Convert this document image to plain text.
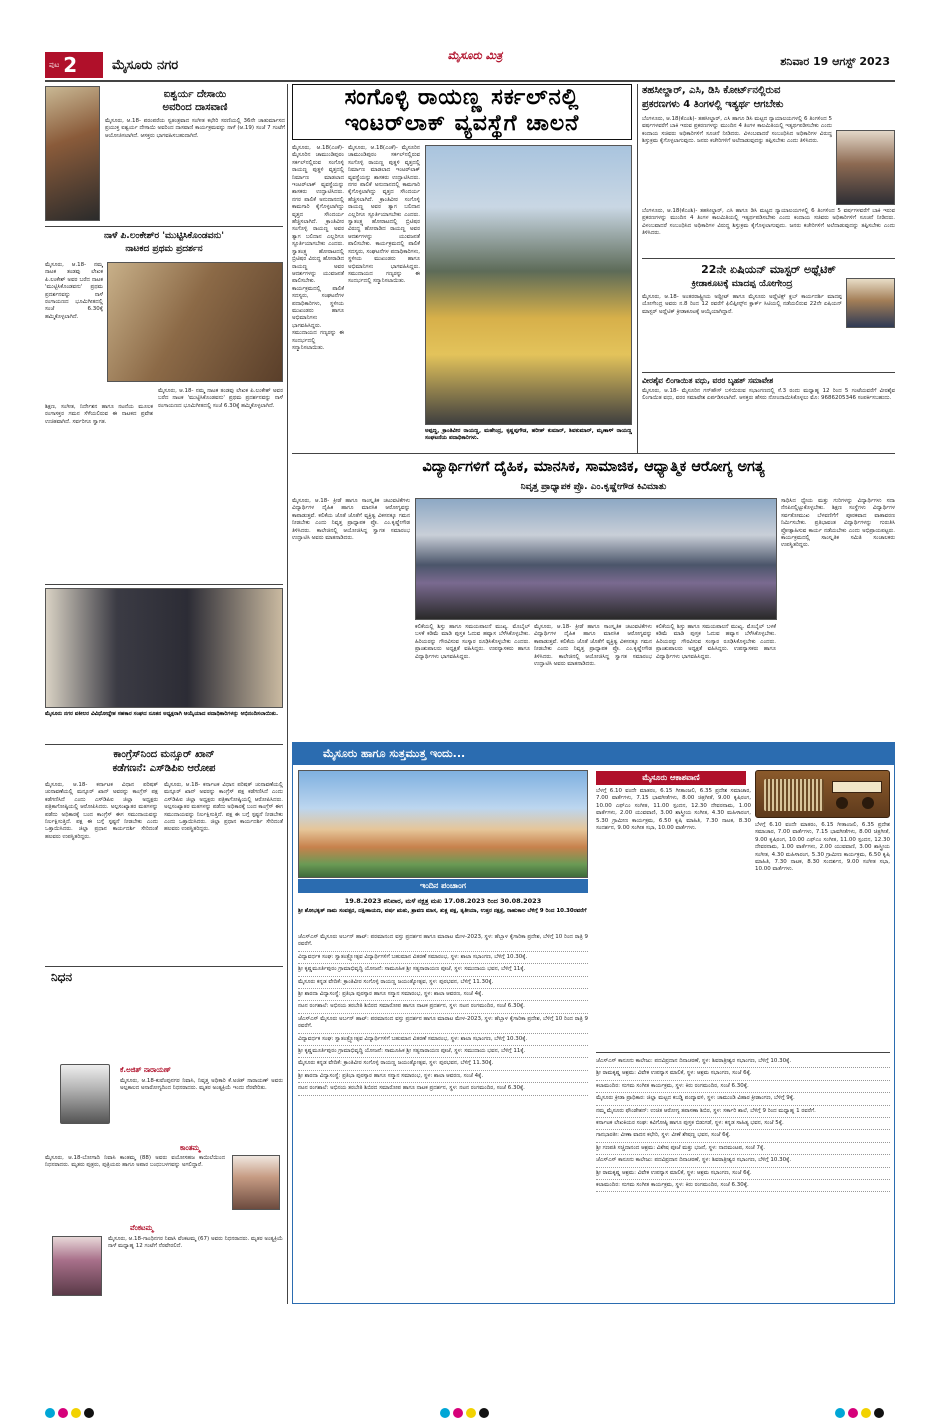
ಪುಟ 2	ಮೈಸೂರು ನಗರ
ಮೈಸೂರು ಮಿತ್ರ	ಶನಿವಾರ 19 ಆಗಸ್ಟ್ 2023
ಐಶ್ವರ್ಯ ದೇಸಾಯಿ
ಅವರಿಂದ ದಾಸವಾಣಿ
ಮೈಸೂರು, ಆ.18- ಪರಂಪರೆಯ ಸ್ವತಂತ್ರವಾದ ಸಂಗೀತ ಕಛೇರಿ ಸರಣಿಯಲ್ಲಿ 36ನೇ ಚಾತುರ್ಮಾಸದ ಪ್ರಯುಕ್ತ ಐಶ್ವರ್ಯ ದೇಸಾಯಿ ಅವರಿಂದ ದಾಸವಾಣಿ ಕಾರ್ಯಕ್ರಮವನ್ನು ನಾಳೆ (ಆ.19) ಸಂಜೆ 7 ಗಂಟೆಗೆ ಆಯೋಜಿಸಲಾಗಿದೆ. ಆಸಕ್ತರು ಭಾಗವಹಿಸಬಹುದಾಗಿದೆ.
ನಾಳೆ ಪಿ.ಲಂಕೇಶ್‌ರ 'ಮುಟ್ಟಿಸಿಕೊಂಡವನು'
ನಾಟಕದ ಪ್ರಥಮ ಪ್ರದರ್ಶನ
ಮೈಸೂರು, ಆ.18- ನಮ್ಮ ನಾಟಕ ತಂಡವು ಲೇಖಕ ಪಿ.ಲಂಕೇಶ್ ಅವರ ಬರೆದ ನಾಟಕ 'ಮುಟ್ಟಿಸಿಕೊಂಡವನು' ಪ್ರಥಮ ಪ್ರದರ್ಶನವನ್ನು ನಾಳೆ ರಂಗಾಯಣದ ಭೂಮಿಗೀತದಲ್ಲಿ ಸಂಜೆ 6.30ಕ್ಕೆ ಹಮ್ಮಿಕೊಳ್ಳಲಾಗಿದೆ.
ಶಿಕ್ಷಣ, ಸಂಗೀತ, ನಿರ್ದೇಶನ ಹಾಗೂ ನಟನೆಯ ಮೂಲಕ ರಂಗಾಸಕ್ತರ ಗಮನ ಸೆಳೆಯಲಿರುವ ಈ ನಾಟಕದ ಪ್ರವೇಶ ಉಚಿತವಾಗಿದೆ. ಸರ್ವರಿಗೂ ಸ್ವಾಗತ.
ಮೈಸೂರು, ಆ.18- ನಮ್ಮ ನಾಟಕ ತಂಡವು ಲೇಖಕ ಪಿ.ಲಂಕೇಶ್ ಅವರ ಬರೆದ ನಾಟಕ 'ಮುಟ್ಟಿಸಿಕೊಂಡವನು' ಪ್ರಥಮ ಪ್ರದರ್ಶನವನ್ನು ನಾಳೆ ರಂಗಾಯಣದ ಭೂಮಿಗೀತದಲ್ಲಿ ಸಂಜೆ 6.30ಕ್ಕೆ ಹಮ್ಮಿಕೊಳ್ಳಲಾಗಿದೆ.
ಮೈಸೂರು ನಗರ ವಕೀಲರ ವಿವಿಧೋದ್ದೇಶ ಸಹಕಾರ ಸಂಘದ ನೂತನ ಅಧ್ಯಕ್ಷರಾಗಿ ಆಯ್ಕೆಯಾದ ಪದಾಧಿಕಾರಿಗಳನ್ನು ಅಭಿನಂದಿಸಲಾಯಿತು.
ಕಾಂಗ್ರೆಸ್‌ನಿಂದ ಮನ್ಸೂರ್ ಖಾನ್
ಕಡೆಗಣನೆ: ಎಸ್‌ಡಿಪಿಐ ಆರೋಪ
ಮೈಸೂರು, ಆ.18- ಕರ್ನಾಟಕ ವಿಧಾನ ಪರಿಷತ್ ಚುನಾವಣೆಯಲ್ಲಿ ಮನ್ಸೂರ್ ಖಾನ್ ಅವರನ್ನು ಕಾಂಗ್ರೆಸ್ ಪಕ್ಷ ಕಡೆಗಣಿಸಿದೆ ಎಂದು ಎಸ್‌ಡಿಪಿಐ ಜಿಲ್ಲಾ ಅಧ್ಯಕ್ಷರು ಪತ್ರಿಕಾಗೋಷ್ಠಿಯಲ್ಲಿ ಆರೋಪಿಸಿದರು. ಅಲ್ಪಸಂಖ್ಯಾತರ ಮತಗಳನ್ನು ಪಡೆದು ಅಧಿಕಾರಕ್ಕೆ ಬಂದ ಕಾಂಗ್ರೆಸ್ ಈಗ ಸಮುದಾಯವನ್ನು ನಿರ್ಲಕ್ಷಿಸುತ್ತಿದೆ. ಪಕ್ಷ ಈ ಬಗ್ಗೆ ಸ್ಪಷ್ಟನೆ ನೀಡಬೇಕು ಎಂದು ಒತ್ತಾಯಿಸಿದರು. ಜಿಲ್ಲಾ ಪ್ರಧಾನ ಕಾರ್ಯದರ್ಶಿ ಸೇರಿದಂತೆ ಹಲವರು ಉಪಸ್ಥಿತರಿದ್ದರು.
ಮೈಸೂರು, ಆ.18- ಕರ್ನಾಟಕ ವಿಧಾನ ಪರಿಷತ್ ಚುನಾವಣೆಯಲ್ಲಿ ಮನ್ಸೂರ್ ಖಾನ್ ಅವರನ್ನು ಕಾಂಗ್ರೆಸ್ ಪಕ್ಷ ಕಡೆಗಣಿಸಿದೆ ಎಂದು ಎಸ್‌ಡಿಪಿಐ ಜಿಲ್ಲಾ ಅಧ್ಯಕ್ಷರು ಪತ್ರಿಕಾಗೋಷ್ಠಿಯಲ್ಲಿ ಆರೋಪಿಸಿದರು. ಅಲ್ಪಸಂಖ್ಯಾತರ ಮತಗಳನ್ನು ಪಡೆದು ಅಧಿಕಾರಕ್ಕೆ ಬಂದ ಕಾಂಗ್ರೆಸ್ ಈಗ ಸಮುದಾಯವನ್ನು ನಿರ್ಲಕ್ಷಿಸುತ್ತಿದೆ. ಪಕ್ಷ ಈ ಬಗ್ಗೆ ಸ್ಪಷ್ಟನೆ ನೀಡಬೇಕು ಎಂದು ಒತ್ತಾಯಿಸಿದರು. ಜಿಲ್ಲಾ ಪ್ರಧಾನ ಕಾರ್ಯದರ್ಶಿ ಸೇರಿದಂತೆ ಹಲವರು ಉಪಸ್ಥಿತರಿದ್ದರು.
ನಿಧನ
ಕೆ.ಅಜಿತ್ ನಾರಾಯಣ್
ಮೈಸೂರು, ಆ.18-ಕುವೆಂಪುನಗರ ನಿವಾಸಿ, ನಿವೃತ್ತ ಅಧಿಕಾರಿ ಕೆ.ಅಜಿತ್ ನಾರಾಯಣ್ ಅವರು ಅಲ್ಪಕಾಲದ ಅನಾರೋಗ್ಯದಿಂದ ನಿಧನರಾದರು. ಮೃತರ ಅಂತ್ಯಕ್ರಿಯೆ ಇಂದು ನೆರವೇರಿತು.
ಕಾಂತಮ್ಮ
ಮೈಸೂರು, ಆ.18-ಬೋಗಾದಿ ನಿವಾಸಿ ಕಾಂತಮ್ಮ (88) ಅವರು ವಯೋಸಹಜ ಕಾಯಿಲೆಯಿಂದ ನಿಧನರಾದರು. ಮೃತರು ಪುತ್ರರು, ಪುತ್ರಿಯರು ಹಾಗೂ ಅಪಾರ ಬಂಧುಬಳಗವನ್ನು ಅಗಲಿದ್ದಾರೆ.
ವೆಂಕಟಮ್ಮ
ಮೈಸೂರು, ಆ.18-ಗಾಂಧಿನಗರ ನಿವಾಸಿ ವೆಂಕಟಮ್ಮ (67) ಅವರು ನಿಧನರಾದರು. ಮೃತರ ಅಂತ್ಯಕ್ರಿಯೆ ನಾಳೆ ಮಧ್ಯಾಹ್ನ 12 ಗಂಟೆಗೆ ನೆರವೇರಲಿದೆ.
ಸಂಗೊಳ್ಳಿ ರಾಯಣ್ಣ ಸರ್ಕಲ್‌ನಲ್ಲಿ
ಇಂಟರ್‌ಲಾಕ್ ವ್ಯವಸ್ಥೆಗೆ ಚಾಲನೆ
ಮೈಸೂರು, ಆ.18(ಎಂಕೆ)- ಮೈಸೂರಿನ ಚಾಮುಂಡಿಪುರಂ ಸರ್ಕಲ್‌ನಲ್ಲಿರುವ ಸಂಗೊಳ್ಳಿ ರಾಯಣ್ಣ ಪುತ್ಥಳಿ ವೃತ್ತದಲ್ಲಿ ನಿರ್ಮಾಣ ಮಾಡಲಾದ ಇಂಟರ್‌ಲಾಕ್ ವ್ಯವಸ್ಥೆಯನ್ನು ಶಾಸಕರು ಉದ್ಘಾಟಿಸಿದರು. ನಗರ ಪಾಲಿಕೆ ಅನುದಾನದಲ್ಲಿ ಕಾಮಗಾರಿ ಕೈಗೊಳ್ಳಲಾಗಿದ್ದು ವೃತ್ತದ ಸೌಂದರ್ಯ ಹೆಚ್ಚಿಸಲಾಗಿದೆ. ಕ್ರಾಂತಿವೀರ ಸಂಗೊಳ್ಳಿ ರಾಯಣ್ಣ ಅವರ ತ್ಯಾಗ ಬಲಿದಾನ ಎಲ್ಲರಿಗೂ ಸ್ಫೂರ್ತಿಯಾಗಬೇಕು ಎಂದರು. ಸ್ವಾತಂತ್ರ್ಯ ಹೋರಾಟದಲ್ಲಿ ಬ್ರಿಟಿಷರ ವಿರುದ್ಧ ಹೋರಾಡಿದ ರಾಯಣ್ಣ ಅವರ ಆದರ್ಶಗಳನ್ನು ಯುವಜನತೆ ಪಾಲಿಸಬೇಕು. ಕಾರ್ಯಕ್ರಮದಲ್ಲಿ ಪಾಲಿಕೆ ಸದಸ್ಯರು, ಸಂಘಟನೆಗಳ ಪದಾಧಿಕಾರಿಗಳು, ಸ್ಥಳೀಯ ಮುಖಂಡರು ಹಾಗೂ ಅಭಿಮಾನಿಗಳು ಭಾಗವಹಿಸಿದ್ದರು. ಸಮುದಾಯದ ಗಣ್ಯರನ್ನು ಈ ಸಂದರ್ಭದಲ್ಲಿ ಸನ್ಮಾನಿಸಲಾಯಿತು.
ಮೈಸೂರು, ಆ.18(ಎಂಕೆ)- ಮೈಸೂರಿನ ಚಾಮುಂಡಿಪುರಂ ಸರ್ಕಲ್‌ನಲ್ಲಿರುವ ಸಂಗೊಳ್ಳಿ ರಾಯಣ್ಣ ಪುತ್ಥಳಿ ವೃತ್ತದಲ್ಲಿ ನಿರ್ಮಾಣ ಮಾಡಲಾದ ಇಂಟರ್‌ಲಾಕ್ ವ್ಯವಸ್ಥೆಯನ್ನು ಶಾಸಕರು ಉದ್ಘಾಟಿಸಿದರು. ನಗರ ಪಾಲಿಕೆ ಅನುದಾನದಲ್ಲಿ ಕಾಮಗಾರಿ ಕೈಗೊಳ್ಳಲಾಗಿದ್ದು ವೃತ್ತದ ಸೌಂದರ್ಯ ಹೆಚ್ಚಿಸಲಾಗಿದೆ. ಕ್ರಾಂತಿವೀರ ಸಂಗೊಳ್ಳಿ ರಾಯಣ್ಣ ಅವರ ತ್ಯಾಗ ಬಲಿದಾನ ಎಲ್ಲರಿಗೂ ಸ್ಫೂರ್ತಿಯಾಗಬೇಕು ಎಂದರು. ಸ್ವಾತಂತ್ರ್ಯ ಹೋರಾಟದಲ್ಲಿ ಬ್ರಿಟಿಷರ ವಿರುದ್ಧ ಹೋರಾಡಿದ ರಾಯಣ್ಣ ಅವರ ಆದರ್ಶಗಳನ್ನು ಯುವಜನತೆ ಪಾಲಿಸಬೇಕು. ಕಾರ್ಯಕ್ರಮದಲ್ಲಿ ಪಾಲಿಕೆ ಸದಸ್ಯರು, ಸಂಘಟನೆಗಳ ಪದಾಧಿಕಾರಿಗಳು, ಸ್ಥಳೀಯ ಮುಖಂಡರು ಹಾಗೂ ಅಭಿಮಾನಿಗಳು ಭಾಗವಹಿಸಿದ್ದರು. ಸಮುದಾಯದ ಗಣ್ಯರನ್ನು ಈ ಸಂದರ್ಭದಲ್ಲಿ ಸನ್ಮಾನಿಸಲಾಯಿತು.
ಅಪ್ಪಣ್ಣ, ಕ್ರಾಂತಿವೀರ ರಾಯಣ್ಣ, ಮಹೇಂದ್ರ, ಕೃಷ್ಣಪ್ಪಗೌಡ, ಹರೀಶ್ ಕುಮಾರ್, ಶಿವಕುಮಾರ್, ಮೃಣಾಳ್ ರಾಯಣ್ಣ ಸಂಘಟನೆಯ ಪದಾಧಿಕಾರಿಗಳು.
ತಹಸೀಲ್ದಾರ್, ಎಸಿ, ಡಿಸಿ ಕೋರ್ಟ್‌ನಲ್ಲಿರುವ
ಪ್ರಕರಣಗಳು 4 ತಿಂಗಳಲ್ಲಿ ಇತ್ಯರ್ಥ ಆಗಬೇಕು
ಬೆಂಗಳೂರು, ಆ.18(ಕೆಎಂಶಿ)- ತಹಸೀಲ್ದಾರ್, ಎಸಿ ಹಾಗೂ ಡಿಸಿ ಮಟ್ಟದ ನ್ಯಾಯಾಲಯಗಳಲ್ಲಿ 6 ತಿಂಗಳಿಂದ 5 ವರ್ಷಗಳವರೆಗೆ ಬಾಕಿ ಇರುವ ಪ್ರಕರಣಗಳನ್ನು ಮುಂದಿನ 4 ತಿಂಗಳ ಕಾಲಮಿತಿಯಲ್ಲಿ ಇತ್ಯರ್ಥಪಡಿಸಬೇಕು ಎಂದು ಕಂದಾಯ ಸಚಿವರು ಅಧಿಕಾರಿಗಳಿಗೆ ಸೂಚನೆ ನೀಡಿದರು. ವಿಳಂಬವಾದರೆ ಸಂಬಂಧಿಸಿದ ಅಧಿಕಾರಿಗಳ ವಿರುದ್ಧ ಶಿಸ್ತುಕ್ರಮ ಕೈಗೊಳ್ಳಲಾಗುವುದು. ಜನರು ಕಚೇರಿಗಳಿಗೆ ಅಲೆದಾಡುವುದನ್ನು ತಪ್ಪಿಸಬೇಕು ಎಂದು ತಿಳಿಸಿದರು.
ಬೆಂಗಳೂರು, ಆ.18(ಕೆಎಂಶಿ)- ತಹಸೀಲ್ದಾರ್, ಎಸಿ ಹಾಗೂ ಡಿಸಿ ಮಟ್ಟದ ನ್ಯಾಯಾಲಯಗಳಲ್ಲಿ 6 ತಿಂಗಳಿಂದ 5 ವರ್ಷಗಳವರೆಗೆ ಬಾಕಿ ಇರುವ ಪ್ರಕರಣಗಳನ್ನು ಮುಂದಿನ 4 ತಿಂಗಳ ಕಾಲಮಿತಿಯಲ್ಲಿ ಇತ್ಯರ್ಥಪಡಿಸಬೇಕು ಎಂದು ಕಂದಾಯ ಸಚಿವರು ಅಧಿಕಾರಿಗಳಿಗೆ ಸೂಚನೆ ನೀಡಿದರು. ವಿಳಂಬವಾದರೆ ಸಂಬಂಧಿಸಿದ ಅಧಿಕಾರಿಗಳ ವಿರುದ್ಧ ಶಿಸ್ತುಕ್ರಮ ಕೈಗೊಳ್ಳಲಾಗುವುದು. ಜನರು ಕಚೇರಿಗಳಿಗೆ ಅಲೆದಾಡುವುದನ್ನು ತಪ್ಪಿಸಬೇಕು ಎಂದು ತಿಳಿಸಿದರು.
22ನೇ ಏಷಿಯನ್ ಮಾಸ್ಟರ್ ಅಥ್ಲೆಟಿಕ್
ಕ್ರೀಡಾಕೂಟಕ್ಕೆ ಮಾದಪ್ಪ ಯೋಗೇಂದ್ರ
ಮೈಸೂರು, ಆ.18- ಅಂತರರಾಷ್ಟ್ರೀಯ ಅಥ್ಲೀಟ್ ಹಾಗೂ ಮೈಸೂರು ಅಥ್ಲೆಟಿಕ್ಸ್ ಕ್ಲಬ್ ಕಾರ್ಯದರ್ಶಿ ಮಾದಪ್ಪ ಯೋಗೇಂದ್ರ ಅವರು ನ.8 ರಿಂದ 12 ರವರೆಗೆ ಫಿಲಿಪ್ಪೀನ್ಸ್‌ನ ಕ್ಲಾರ್ಕ್ ಸಿಟಿಯಲ್ಲಿ ನಡೆಯಲಿರುವ 22ನೇ ಏಷಿಯನ್ ಮಾಸ್ಟರ್ ಅಥ್ಲೆಟಿಕ್ ಕ್ರೀಡಾಕೂಟಕ್ಕೆ ಆಯ್ಕೆಯಾಗಿದ್ದಾರೆ.
ವೀರಶೈವ ಲಿಂಗಾಯಿತ ವಧು, ವರರ ಬೃಹತ್ ಸಮಾವೇಶ
ಮೈಸೂರು, ಆ.18- ಮೈಸೂರಿನ ಗನ್‌ಹೌಸ್ ಬಳಿಯಿರುವ ಸಭಾಂಗಣದಲ್ಲಿ ಸೆ.3 ರಂದು ಮಧ್ಯಾಹ್ನ 12 ರಿಂದ 5 ಗಂಟೆಯವರೆಗೆ ವೀರಶೈವ ಲಿಂಗಾಯಿತ ವಧು, ವರರ ಸಮಾವೇಶ ಏರ್ಪಡಿಸಲಾಗಿದೆ. ಆಸಕ್ತರು ಹೆಸರು ನೋಂದಾಯಿಸಿಕೊಳ್ಳಲು ಮೊ: 9686205346 ಸಂಪರ್ಕಿಸಬಹುದು.
ವಿದ್ಯಾರ್ಥಿಗಳಿಗೆ ದೈಹಿಕ, ಮಾನಸಿಕ, ಸಾಮಾಜಿಕ, ಆಧ್ಯಾತ್ಮಿಕ ಆರೋಗ್ಯ ಅಗತ್ಯ
ನಿವೃತ್ತ ಪ್ರಾಧ್ಯಾಪಕ ಪ್ರೊ. ಎಂ.ಕೃಷ್ಣೇಗೌಡ ಕಿವಿಮಾತು
ಮೈಸೂರು, ಆ.18- ಕ್ರೀಡೆ ಹಾಗೂ ಸಾಂಸ್ಕೃತಿಕ ಚಟುವಟಿಕೆಗಳು ವಿದ್ಯಾರ್ಥಿಗಳ ದೈಹಿಕ ಹಾಗೂ ಮಾನಸಿಕ ಆರೋಗ್ಯವನ್ನು ಕಾಪಾಡುತ್ತವೆ. ಕಲಿಕೆಯ ಜೊತೆ ಜೊತೆಗೆ ವ್ಯಕ್ತಿತ್ವ ವಿಕಸನಕ್ಕೂ ಗಮನ ನೀಡಬೇಕು ಎಂದು ನಿವೃತ್ತ ಪ್ರಾಧ್ಯಾಪಕ ಪ್ರೊ. ಎಂ.ಕೃಷ್ಣೇಗೌಡ ತಿಳಿಸಿದರು. ಕಾಲೇಜಿನಲ್ಲಿ ಆಯೋಜಿಸಿದ್ದ ಸ್ವಾಗತ ಸಮಾರಂಭ ಉದ್ಘಾಟಿಸಿ ಅವರು ಮಾತನಾಡಿದರು.
ಕಲಿಕೆಯಲ್ಲಿ ಶಿಸ್ತು ಹಾಗೂ ಸಮಯಪಾಲನೆ ಮುಖ್ಯ. ಮೊಬೈಲ್ ಬಳಕೆ ಕಡಿಮೆ ಮಾಡಿ ಪುಸ್ತಕ ಓದುವ ಹವ್ಯಾಸ ಬೆಳೆಸಿಕೊಳ್ಳಬೇಕು. ಹಿರಿಯರನ್ನು ಗೌರವಿಸುವ ಸಂಸ್ಕಾರ ರೂಢಿಸಿಕೊಳ್ಳಬೇಕು ಎಂದರು. ಪ್ರಾಂಶುಪಾಲರು ಅಧ್ಯಕ್ಷತೆ ವಹಿಸಿದ್ದರು. ಉಪನ್ಯಾಸಕರು ಹಾಗೂ ವಿದ್ಯಾರ್ಥಿಗಳು ಭಾಗವಹಿಸಿದ್ದರು.
ಮೈಸೂರು, ಆ.18- ಕ್ರೀಡೆ ಹಾಗೂ ಸಾಂಸ್ಕೃತಿಕ ಚಟುವಟಿಕೆಗಳು ವಿದ್ಯಾರ್ಥಿಗಳ ದೈಹಿಕ ಹಾಗೂ ಮಾನಸಿಕ ಆರೋಗ್ಯವನ್ನು ಕಾಪಾಡುತ್ತವೆ. ಕಲಿಕೆಯ ಜೊತೆ ಜೊತೆಗೆ ವ್ಯಕ್ತಿತ್ವ ವಿಕಸನಕ್ಕೂ ಗಮನ ನೀಡಬೇಕು ಎಂದು ನಿವೃತ್ತ ಪ್ರಾಧ್ಯಾಪಕ ಪ್ರೊ. ಎಂ.ಕೃಷ್ಣೇಗೌಡ ತಿಳಿಸಿದರು. ಕಾಲೇಜಿನಲ್ಲಿ ಆಯೋಜಿಸಿದ್ದ ಸ್ವಾಗತ ಸಮಾರಂಭ ಉದ್ಘಾಟಿಸಿ ಅವರು ಮಾತನಾಡಿದರು.
ಕಲಿಕೆಯಲ್ಲಿ ಶಿಸ್ತು ಹಾಗೂ ಸಮಯಪಾಲನೆ ಮುಖ್ಯ. ಮೊಬೈಲ್ ಬಳಕೆ ಕಡಿಮೆ ಮಾಡಿ ಪುಸ್ತಕ ಓದುವ ಹವ್ಯಾಸ ಬೆಳೆಸಿಕೊಳ್ಳಬೇಕು. ಹಿರಿಯರನ್ನು ಗೌರವಿಸುವ ಸಂಸ್ಕಾರ ರೂಢಿಸಿಕೊಳ್ಳಬೇಕು ಎಂದರು. ಪ್ರಾಂಶುಪಾಲರು ಅಧ್ಯಕ್ಷತೆ ವಹಿಸಿದ್ದರು. ಉಪನ್ಯಾಸಕರು ಹಾಗೂ ವಿದ್ಯಾರ್ಥಿಗಳು ಭಾಗವಹಿಸಿದ್ದರು.
ಸಾಧಿಸಿದ ಧ್ಯೇಯ ಮತ್ತು ಗುರಿಗಳನ್ನು ವಿದ್ಯಾರ್ಥಿಗಳು ಸದಾ ನೆನಪಿನಲ್ಲಿಟ್ಟುಕೊಳ್ಳಬೇಕು. ಶಿಕ್ಷಣ ಸಂಸ್ಥೆಗಳು ವಿದ್ಯಾರ್ಥಿಗಳ ಸರ್ವತೋಮುಖ ಬೆಳವಣಿಗೆಗೆ ಪೂರಕವಾದ ವಾತಾವರಣ ನಿರ್ಮಿಸಬೇಕು. ಪ್ರತಿಭಾವಂತ ವಿದ್ಯಾರ್ಥಿಗಳನ್ನು ಗುರುತಿಸಿ ಪ್ರೋತ್ಸಾಹಿಸುವ ಕಾರ್ಯ ನಡೆಯಬೇಕು ಎಂದು ಅಭಿಪ್ರಾಯಪಟ್ಟರು. ಕಾರ್ಯಕ್ರಮದಲ್ಲಿ ಸಾಂಸ್ಕೃತಿಕ ಸಮಿತಿ ಸಂಚಾಲಕರು ಉಪಸ್ಥಿತರಿದ್ದರು.
ಮೈಸೂರು ಹಾಗೂ ಸುತ್ತಮುತ್ತ ಇಂದು...
ಇಂದಿನ ಪಂಚಾಂಗ
19.8.2023 ಶನಿವಾರ, ಮಳೆ ನಕ್ಷತ್ರ ಮಖ 17.08.2023 ರಿಂದ 30.08.2023
ಶ್ರೀ ಶೋಭಕೃತ್ ನಾಮ ಸಂವತ್ಸರ, ದಕ್ಷಿಣಾಯಣ, ವರ್ಷ ಋತು, ಶ್ರಾವಣ ಮಾಸ, ಶುಕ್ಲ ಪಕ್ಷ, ತೃತೀಯಾ, ಉತ್ತರ ನಕ್ಷತ್ರ, ರಾಹುಕಾಲ ಬೆಳಿಗ್ಗೆ 9 ರಿಂದ 10.30ರವರೆಗೆ
ಜೆಎಸ್‌ಎಸ್ ಮೈಸೂರು ಅರ್ಬನ್ ಹಾಟ್: ಪರಮಾನಂದ ವಸ್ತು ಪ್ರದರ್ಶನ ಹಾಗೂ ಮಾರಾಟ ಮೇಳ-2023, ಸ್ಥಳ: ಹೆಬ್ಬಾಳ ಕೈಗಾರಿಕಾ ಪ್ರದೇಶ, ಬೆಳಿಗ್ಗೆ 10 ರಿಂದ ರಾತ್ರಿ 9 ರವರೆಗೆ.
ವಿದ್ಯಾವರ್ಧಕ ಸಂಘ: ಸ್ವಾತಂತ್ರ್ಯೋತ್ಸವ ವಿದ್ಯಾರ್ಥಿಗಳಿಗೆ ಬಹುಮಾನ ವಿತರಣೆ ಸಮಾರಂಭ, ಸ್ಥಳ: ಶಾಲಾ ಸಭಾಂಗಣ, ಬೆಳಿಗ್ಗೆ 10.30ಕ್ಕೆ.
ಶ್ರೀ ಕೃಷ್ಣಮೂರ್ತಿಪುರಂ ಗ್ರಾಮಾಭಿವೃದ್ಧಿ ಯೋಜನೆ: ಸಾಮೂಹಿಕ ಶ್ರೀ ಸತ್ಯನಾರಾಯಣ ಪೂಜೆ, ಸ್ಥಳ: ಸಮುದಾಯ ಭವನ, ಬೆಳಿಗ್ಗೆ 11ಕ್ಕೆ.
ಮೈಸೂರು ಕನ್ನಡ ವೇದಿಕೆ: ಕ್ರಾಂತಿವೀರ ಸಂಗೊಳ್ಳಿ ರಾಯಣ್ಣ ಜಯಂತ್ಯೋತ್ಸವ, ಸ್ಥಳ: ಪುರಭವನ, ಬೆಳಿಗ್ಗೆ 11.30ಕ್ಕೆ.
ಶ್ರೀ ಶಾರದಾ ವಿದ್ಯಾಸಂಸ್ಥೆ: ಪ್ರತಿಭಾ ಪುರಸ್ಕಾರ ಹಾಗೂ ಸನ್ಮಾನ ಸಮಾರಂಭ, ಸ್ಥಳ: ಶಾಲಾ ಆವರಣ, ಸಂಜೆ 4ಕ್ಕೆ.
ನಟನ ರಂಗಶಾಲೆ: ಅಭಿನಯ ತರಬೇತಿ ಶಿಬಿರದ ಸಮಾರೋಪ ಹಾಗೂ ನಾಟಕ ಪ್ರದರ್ಶನ, ಸ್ಥಳ: ನಟನ ರಂಗಮಂದಿರ, ಸಂಜೆ 6.30ಕ್ಕೆ.
ಜೆಎಸ್‌ಎಸ್ ಮೈಸೂರು ಅರ್ಬನ್ ಹಾಟ್: ಪರಮಾನಂದ ವಸ್ತು ಪ್ರದರ್ಶನ ಹಾಗೂ ಮಾರಾಟ ಮೇಳ-2023, ಸ್ಥಳ: ಹೆಬ್ಬಾಳ ಕೈಗಾರಿಕಾ ಪ್ರದೇಶ, ಬೆಳಿಗ್ಗೆ 10 ರಿಂದ ರಾತ್ರಿ 9 ರವರೆಗೆ.
ವಿದ್ಯಾವರ್ಧಕ ಸಂಘ: ಸ್ವಾತಂತ್ರ್ಯೋತ್ಸವ ವಿದ್ಯಾರ್ಥಿಗಳಿಗೆ ಬಹುಮಾನ ವಿತರಣೆ ಸಮಾರಂಭ, ಸ್ಥಳ: ಶಾಲಾ ಸಭಾಂಗಣ, ಬೆಳಿಗ್ಗೆ 10.30ಕ್ಕೆ.
ಶ್ರೀ ಕೃಷ್ಣಮೂರ್ತಿಪುರಂ ಗ್ರಾಮಾಭಿವೃದ್ಧಿ ಯೋಜನೆ: ಸಾಮೂಹಿಕ ಶ್ರೀ ಸತ್ಯನಾರಾಯಣ ಪೂಜೆ, ಸ್ಥಳ: ಸಮುದಾಯ ಭವನ, ಬೆಳಿಗ್ಗೆ 11ಕ್ಕೆ.
ಮೈಸೂರು ಕನ್ನಡ ವೇದಿಕೆ: ಕ್ರಾಂತಿವೀರ ಸಂಗೊಳ್ಳಿ ರಾಯಣ್ಣ ಜಯಂತ್ಯೋತ್ಸವ, ಸ್ಥಳ: ಪುರಭವನ, ಬೆಳಿಗ್ಗೆ 11.30ಕ್ಕೆ.
ಶ್ರೀ ಶಾರದಾ ವಿದ್ಯಾಸಂಸ್ಥೆ: ಪ್ರತಿಭಾ ಪುರಸ್ಕಾರ ಹಾಗೂ ಸನ್ಮಾನ ಸಮಾರಂಭ, ಸ್ಥಳ: ಶಾಲಾ ಆವರಣ, ಸಂಜೆ 4ಕ್ಕೆ.
ನಟನ ರಂಗಶಾಲೆ: ಅಭಿನಯ ತರಬೇತಿ ಶಿಬಿರದ ಸಮಾರೋಪ ಹಾಗೂ ನಾಟಕ ಪ್ರದರ್ಶನ, ಸ್ಥಳ: ನಟನ ರಂಗಮಂದಿರ, ಸಂಜೆ 6.30ಕ್ಕೆ.
ಮೈಸೂರು ಆಕಾಶವಾಣಿ
ಬೆಳಗ್ಗೆ 6.10 ವಂದೇ ಮಾತರಂ, 6.15 ಗೀತಾಂಜಲಿ, 6.35 ಪ್ರದೇಶ ಸಮಾಚಾರ, 7.00 ವಾರ್ತೆಗಳು, 7.15 ಭಾವಗೀತೆಗಳು, 8.00 ಚಿತ್ರಗೀತೆ, 9.00 ಕೃಷಿರಂಗ, 10.00 ಎಫ್‌ಎಂ ಸಂಗೀತ, 11.00 ಸ್ಪಂದನ, 12.30 ದೇವರನಾಮ, 1.00 ವಾರ್ತೆಗಳು, 2.00 ಯುವವಾಣಿ, 3.00 ಶಾಸ್ತ್ರೀಯ ಸಂಗೀತ, 4.30 ಮಹಿಳಾರಂಗ, 5.30 ಗ್ರಾಮೀಣ ಕಾರ್ಯಕ್ರಮ, 6.50 ಕೃಷಿ ಮಾಹಿತಿ, 7.30 ನಾಟಕ, 8.30 ಸಂದರ್ಶನ, 9.00 ಸಂಗೀತ ಸಭಾ, 10.00 ವಾರ್ತೆಗಳು.
ಬೆಳಗ್ಗೆ 6.10 ವಂದೇ ಮಾತರಂ, 6.15 ಗೀತಾಂಜಲಿ, 6.35 ಪ್ರದೇಶ ಸಮಾಚಾರ, 7.00 ವಾರ್ತೆಗಳು, 7.15 ಭಾವಗೀತೆಗಳು, 8.00 ಚಿತ್ರಗೀತೆ, 9.00 ಕೃಷಿರಂಗ, 10.00 ಎಫ್‌ಎಂ ಸಂಗೀತ, 11.00 ಸ್ಪಂದನ, 12.30 ದೇವರನಾಮ, 1.00 ವಾರ್ತೆಗಳು, 2.00 ಯುವವಾಣಿ, 3.00 ಶಾಸ್ತ್ರೀಯ ಸಂಗೀತ, 4.30 ಮಹಿಳಾರಂಗ, 5.30 ಗ್ರಾಮೀಣ ಕಾರ್ಯಕ್ರಮ, 6.50 ಕೃಷಿ ಮಾಹಿತಿ, 7.30 ನಾಟಕ, 8.30 ಸಂದರ್ಶನ, 9.00 ಸಂಗೀತ ಸಭಾ, 10.00 ವಾರ್ತೆಗಳು.
ಜೆಎಸ್‌ಎಸ್ ಕಾನೂನು ಕಾಲೇಜು: ಪದವಿಪ್ರದಾನ ದಿನಾಚರಣೆ, ಸ್ಥಳ: ಶಿವರಾತ್ರೀಶ್ವರ ಸಭಾಂಗಣ, ಬೆಳಿಗ್ಗೆ 10.30ಕ್ಕೆ.
ಶ್ರೀ ರಾಮಕೃಷ್ಣ ಆಶ್ರಮ: ವಿವೇಕ ಉಪನ್ಯಾಸ ಮಾಲಿಕೆ, ಸ್ಥಳ: ಆಶ್ರಮ ಸಭಾಂಗಣ, ಸಂಜೆ 6ಕ್ಕೆ.
ಕಲಾಮಂದಿರ: ಸುಗಮ ಸಂಗೀತ ಕಾರ್ಯಕ್ರಮ, ಸ್ಥಳ: ಕಿರು ರಂಗಮಂದಿರ, ಸಂಜೆ 6.30ಕ್ಕೆ.
ಮೈಸೂರು ಕ್ರೀಡಾ ಪ್ರಾಧಿಕಾರ: ಜಿಲ್ಲಾ ಮಟ್ಟದ ಕಬಡ್ಡಿ ಪಂದ್ಯಾವಳಿ, ಸ್ಥಳ: ಚಾಮುಂಡಿ ವಿಹಾರ ಕ್ರೀಡಾಂಗಣ, ಬೆಳಿಗ್ಗೆ 9ಕ್ಕೆ.
ನಮ್ಮ ಮೈಸೂರು ಫೌಂಡೇಶನ್: ಉಚಿತ ಆರೋಗ್ಯ ತಪಾಸಣಾ ಶಿಬಿರ, ಸ್ಥಳ: ಸರ್ಕಾರಿ ಶಾಲೆ, ಬೆಳಿಗ್ಗೆ 9 ರಿಂದ ಮಧ್ಯಾಹ್ನ 1 ರವರೆಗೆ.
ಕರ್ನಾಟಕ ಲೇಖಕಿಯರ ಸಂಘ: ಕವಿಗೋಷ್ಠಿ ಹಾಗೂ ಪುಸ್ತಕ ಬಿಡುಗಡೆ, ಸ್ಥಳ: ಕನ್ನಡ ಸಾಹಿತ್ಯ ಭವನ, ಸಂಜೆ 5ಕ್ಕೆ.
ಗಾನಭಾರತೀ: ವೀಣಾ ವಾದನ ಕಛೇರಿ, ಸ್ಥಳ: ವೀಣೆ ಶೇಷಣ್ಣ ಭವನ, ಸಂಜೆ 6ಕ್ಕೆ.
ಶ್ರೀ ಗಣಪತಿ ಸಚ್ಚಿದಾನಂದ ಆಶ್ರಮ: ವಿಶೇಷ ಪೂಜೆ ಮತ್ತು ಭಜನೆ, ಸ್ಥಳ: ನಾದಮಂಟಪ, ಸಂಜೆ 7ಕ್ಕೆ.
ಜೆಎಸ್‌ಎಸ್ ಕಾನೂನು ಕಾಲೇಜು: ಪದವಿಪ್ರದಾನ ದಿನಾಚರಣೆ, ಸ್ಥಳ: ಶಿವರಾತ್ರೀಶ್ವರ ಸಭಾಂಗಣ, ಬೆಳಿಗ್ಗೆ 10.30ಕ್ಕೆ.
ಶ್ರೀ ರಾಮಕೃಷ್ಣ ಆಶ್ರಮ: ವಿವೇಕ ಉಪನ್ಯಾಸ ಮಾಲಿಕೆ, ಸ್ಥಳ: ಆಶ್ರಮ ಸಭಾಂಗಣ, ಸಂಜೆ 6ಕ್ಕೆ.
ಕಲಾಮಂದಿರ: ಸುಗಮ ಸಂಗೀತ ಕಾರ್ಯಕ್ರಮ, ಸ್ಥಳ: ಕಿರು ರಂಗಮಂದಿರ, ಸಂಜೆ 6.30ಕ್ಕೆ.
